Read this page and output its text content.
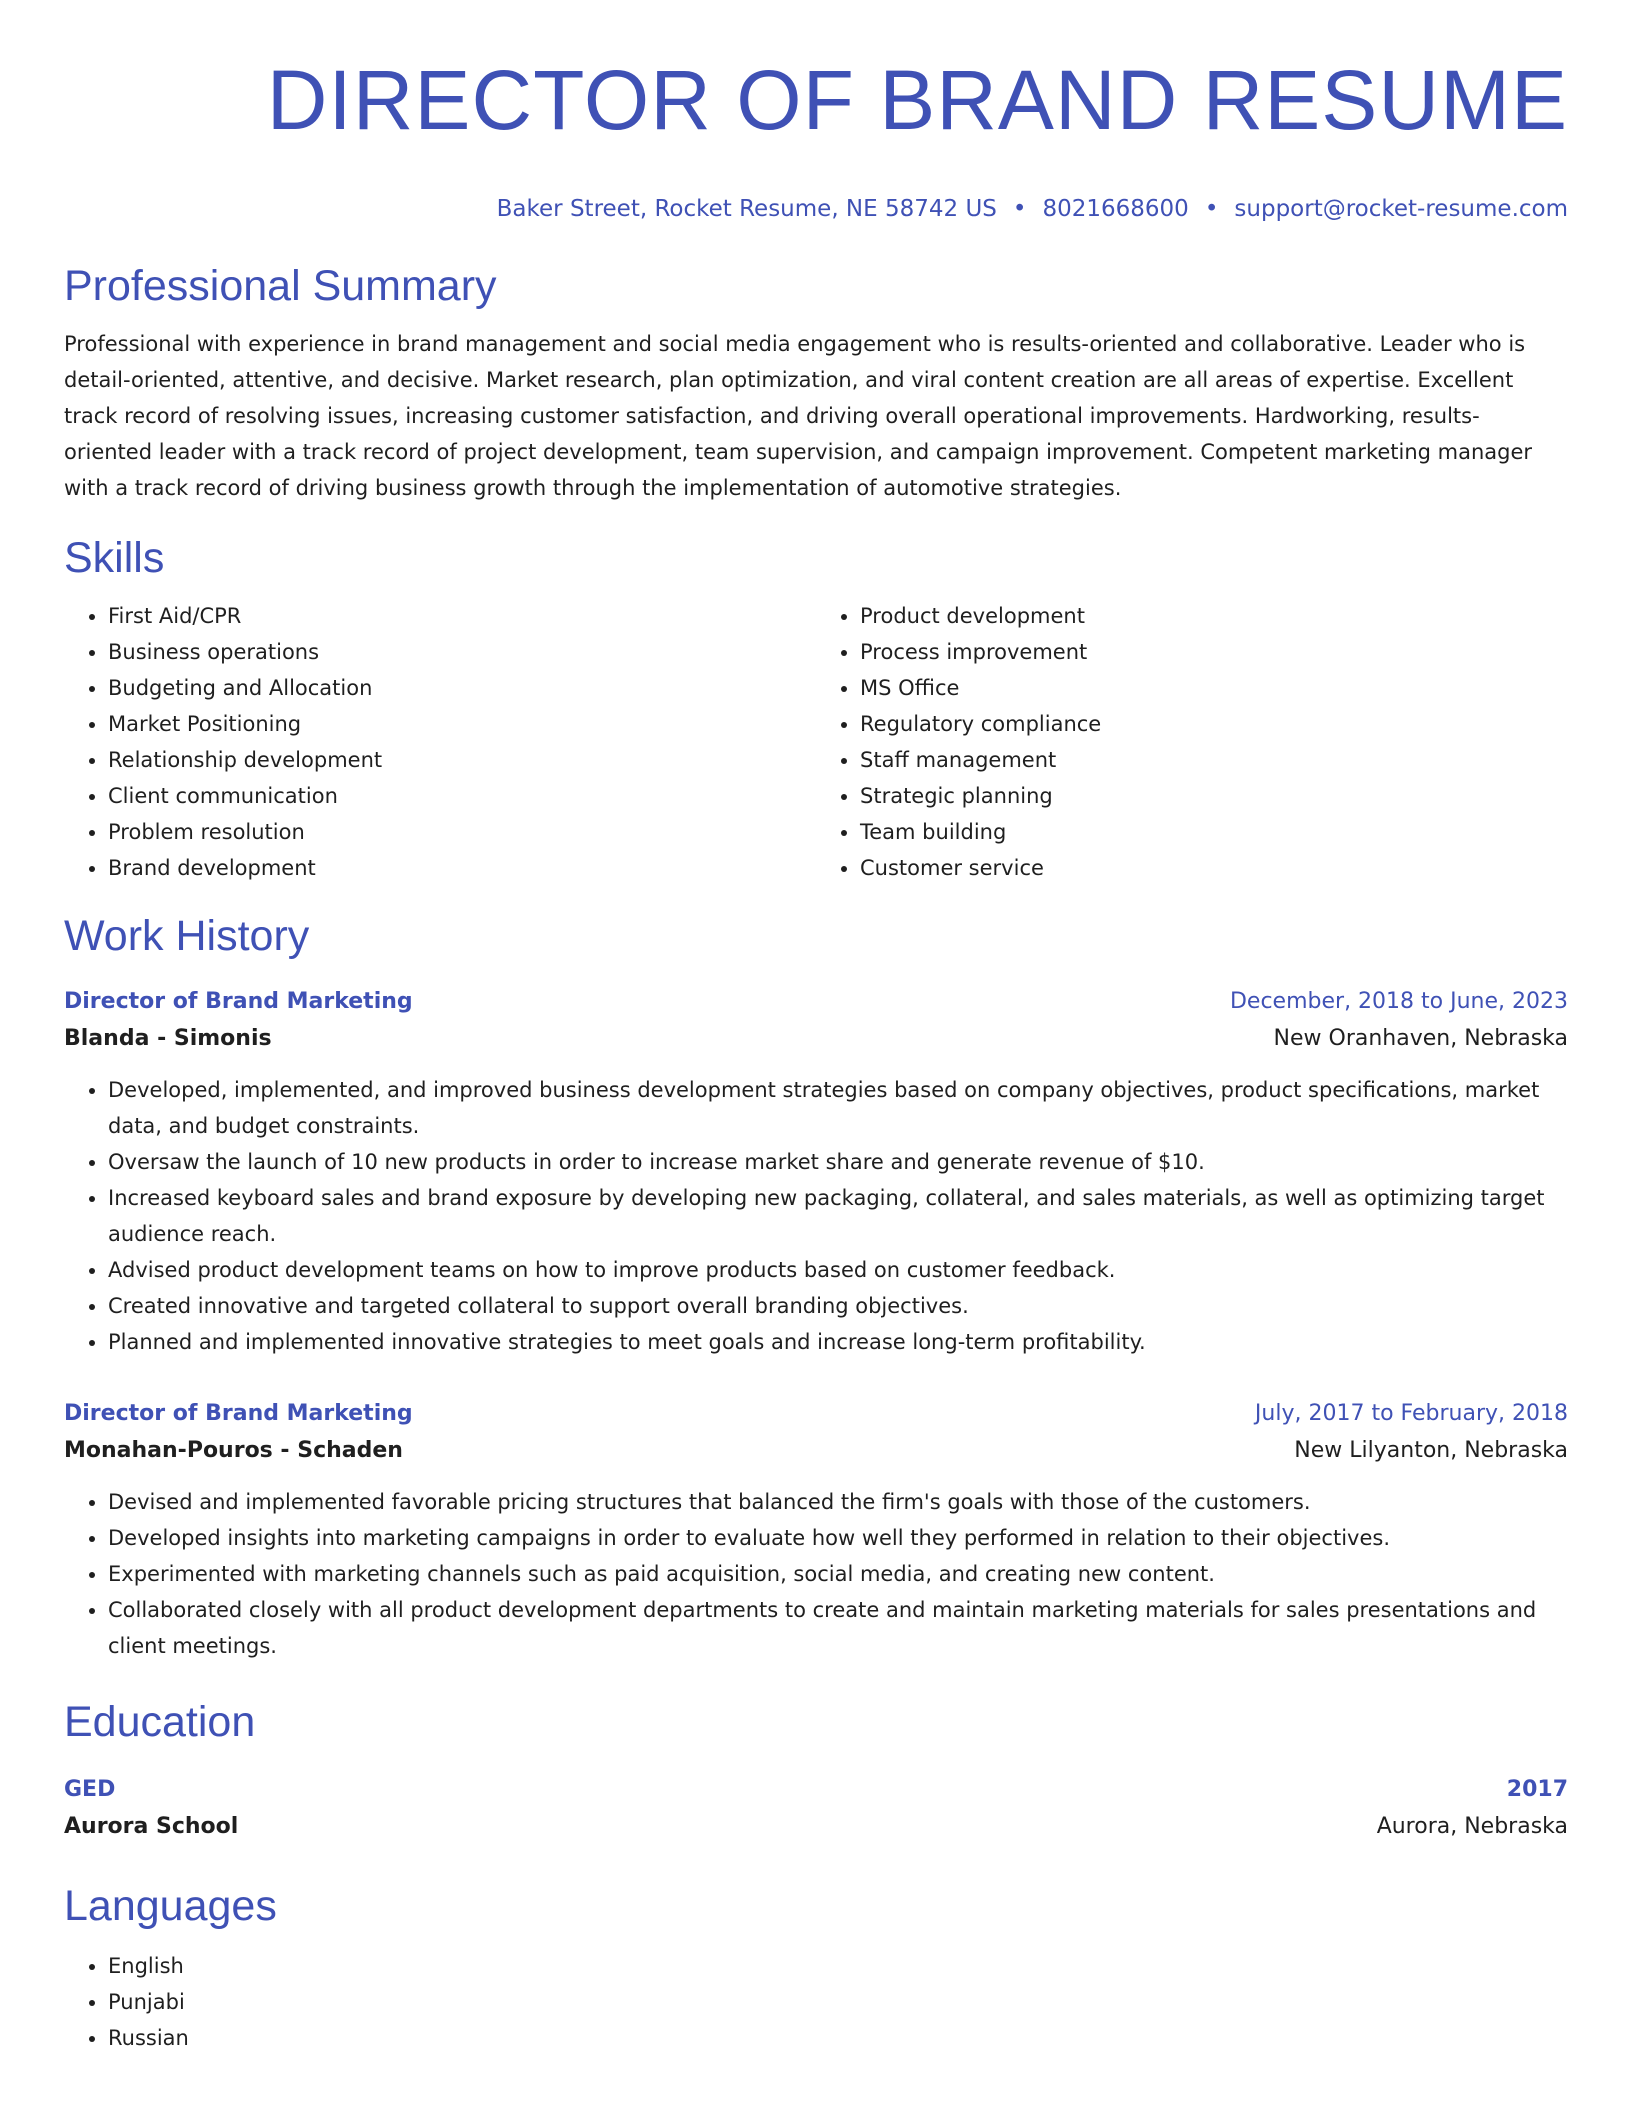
DIRECTOR OF BRAND RESUME
Baker Street, Rocket Resume, NE 58742 US • 8021668600 • support@rocket-resume.com
Professional Summary
Professional with experience in brand management and social media engagement who is results-oriented and collaborative. Leader who is detail-oriented, attentive, and decisive. Market research, plan optimization, and viral content creation are all areas of expertise. Excellent track record of resolving issues, increasing customer satisfaction, and driving overall operational improvements. Hardworking, results-oriented leader with a track record of project development, team supervision, and campaign improvement. Competent marketing manager with a track record of driving business growth through the implementation of automotive strategies.
Skills
• First Aid/CPR
• Business operations
• Budgeting and Allocation
• Market Positioning
• Relationship development
• Client communication
• Problem resolution
• Brand development
• Product development
• Process improvement
• MS Office
• Regulatory compliance
• Staff management
• Strategic planning
• Team building
• Customer service
Work History
Director of Brand Marketing	December, 2018 to June, 2023
Blanda - Simonis	New Oranhaven, Nebraska
• Developed, implemented, and improved business development strategies based on company objectives, product specifications, market data, and budget constraints.
• Oversaw the launch of 10 new products in order to increase market share and generate revenue of $10.
• Increased keyboard sales and brand exposure by developing new packaging, collateral, and sales materials, as well as optimizing target audience reach.
• Advised product development teams on how to improve products based on customer feedback.
• Created innovative and targeted collateral to support overall branding objectives.
• Planned and implemented innovative strategies to meet goals and increase long-term profitability.
Director of Brand Marketing	July, 2017 to February, 2018
Monahan-Pouros - Schaden	New Lilyanton, Nebraska
• Devised and implemented favorable pricing structures that balanced the firm's goals with those of the customers.
• Developed insights into marketing campaigns in order to evaluate how well they performed in relation to their objectives.
• Experimented with marketing channels such as paid acquisition, social media, and creating new content.
• Collaborated closely with all product development departments to create and maintain marketing materials for sales presentations and client meetings.
Education
GED	2017
Aurora School	Aurora, Nebraska
Languages
• English
• Punjabi
• Russian
